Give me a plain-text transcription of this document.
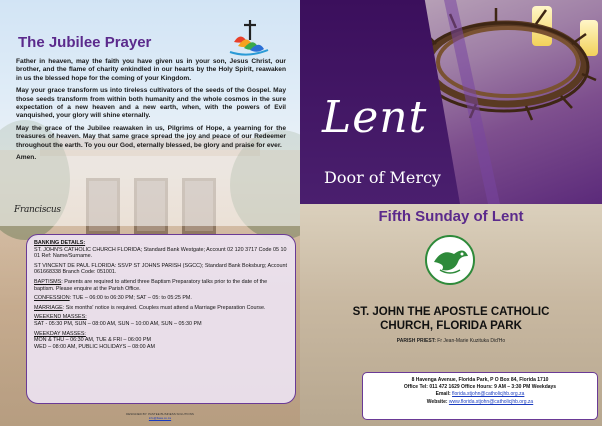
The Jubilee Prayer

Father in heaven, may the faith you have given us in your son, Jesus Christ, our brother, and the flame of charity enkindled in our hearts by the Holy Spirit, reawaken in us the blessed hope for the coming of your Kingdom.

May your grace transform us into tireless cultivators of the seeds of the Gospel. May those seeds transform from within both humanity and the whole cosmos in the sure expectation of a new heaven and a new earth, when, with the powers of Evil vanquished, your glory will shine eternally.

May the grace of the Jubilee reawaken in us, Pilgrims of Hope, a yearning for the treasures of heaven. May that same grace spread the joy and peace of our Redeemer throughout the earth. To you our God, eternally blessed, be glory and praise for ever.

Amen.

Franciscus
BANKING DETAILS:
ST. JOHN'S CATHOLIC CHURCH FLORIDA; Standard Bank Westgate; Account 02 120 3717 Code 05 10 01 Ref: Name/Surname.
ST VINCENT DE PAUL FLORIDA: SSVP ST JOHNS PARISH (SGCC); Standard Bank Boksburg; Account 061668338 Branch Code: 051001.
BAPTISMS: Parents are required to attend three Baptism Preparatory talks prior to the date of the baptism. Please enquire at the Parish Office.
CONFESSION: TUE – 06:00 to 06:30 PM; SAT – 05: to 05:25 PM.
MARRIAGE: Six months' notice is required. Couples must attend a Marriage Preparation Course.
WEEKEND MASSES:
SAT - 05:30 PM, SUN – 08:00 AM, SUN – 10:00 AM, SUN – 05:30 PM
WEEKDAY MASSES:
MON & THU – 06:30 AM, TUE & FRI – 06:00 PM
WED – 08:00 AM, PUBLIC HOLIDAYS – 08:00 AM
DESIGNED BY: PASTEE BUSINESS SOLUTIONS
info@fiaas.co.za
Lent
Door of Mercy
Fifth Sunday of Lent
ST. JOHN THE APOSTLE CATHOLIC
CHURCH, FLORIDA PARK
PARISH PRIEST: Fr Jean-Marie Kuzituka Did'Ho
8 Havenga Avenue, Florida Park, P O Box 84, Florida 1710
Office Tel: 011 472 1629 Office Hours: 9 AM – 3:30 PM Weekdays
Email: florida.stjohn@catholicjhb.org.za
Website: www.florida.stjohn@catholicjhb.org.za
